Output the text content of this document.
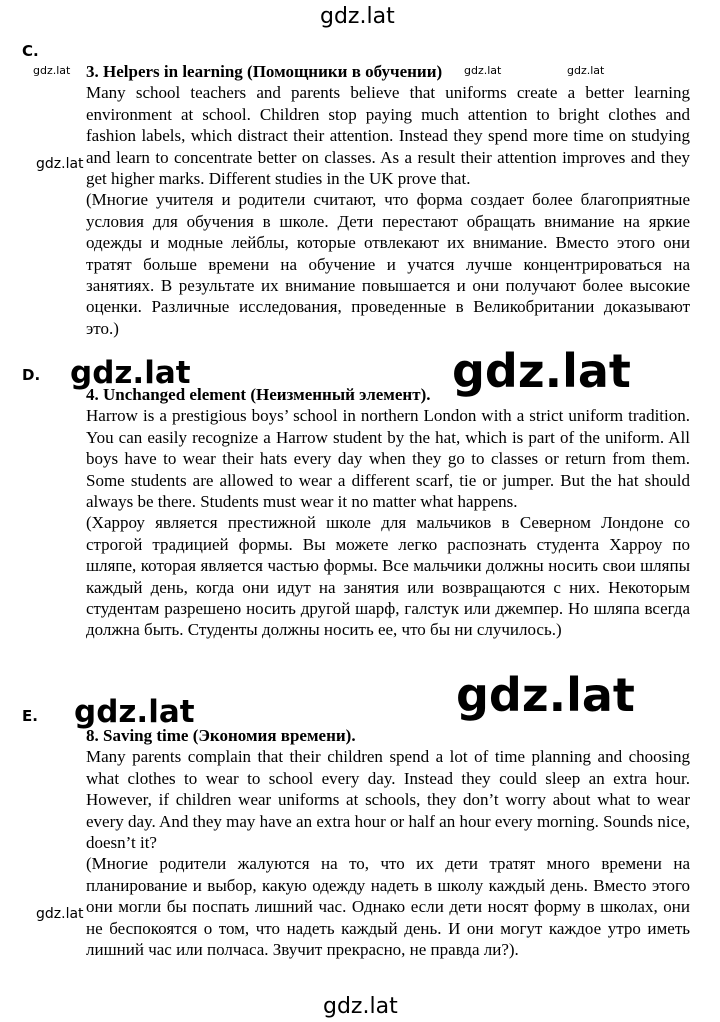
gdz.lat
gdz.lat	gdz.lat	gdz.lat
gdz.lat
gdz.lat	gdz.lat
gdz.lat
gdz.lat
gdz.lat
gdz.lat
C.

3. Helpers in learning (Помощники в обучении)

Many school teachers and parents believe that uniforms create a better learning environment at school. Children stop paying much attention to bright clothes and fashion labels, which distract their attention. Instead they spend more time on studying and learn to concentrate better on classes. As a result their attention improves and they get higher marks. Different studies in the UK prove that.

(Многие учителя и родители считают, что форма создает более благоприятные условия для обучения в школе. Дети перестают обращать внимание на яркие одежды и модные лейблы, которые отвлекают их внимание. Вместо этого они тратят больше времени на обучение и учатся лучше концентрироваться на занятиях. В результате их внимание повышается и они получают более высокие оценки. Различные исследования, проведенные в Великобритании доказывают это.)

D.

4. Unchanged element (Неизменный элемент).

Harrow is a prestigious boys’ school in northern London with a strict uniform tradition. You can easily recognize a Harrow student by the hat, which is part of the uniform. All boys have to wear their hats every day when they go to classes or return from them. Some students are allowed to wear a different scarf, tie or jumper. But the hat should always be there. Students must wear it no matter what happens.

(Харроу является престижной школе для мальчиков в Северном Лондоне со строгой традицией формы. Вы можете легко распознать студента Харроу по шляпе, которая является частью формы. Все мальчики должны носить свои шляпы каждый день, когда они идут на занятия или возвращаются с них. Некоторым студентам разрешено носить другой шарф, галстук или джемпер. Но шляпа всегда должна быть. Студенты должны носить ее, что бы ни случилось.)

E.

8. Saving time (Экономия времени).

Many parents complain that their children spend a lot of time planning and choosing what clothes to wear to school every day. Instead they could sleep an extra hour. However, if children wear uniforms at schools, they don’t worry about what to wear every day. And they may have an extra hour or half an hour every morning. Sounds nice, doesn’t it?

(Многие родители жалуются на то, что их дети тратят много времени на планирование и выбор, какую одежду надеть в школу каждый день. Вместо этого они могли бы поспать лишний час. Однако если дети носят форму в школах, они не беспокоятся о том, что надеть каждый день. И они могут каждое утро иметь лишний час или полчаса. Звучит прекрасно, не правда ли?).
